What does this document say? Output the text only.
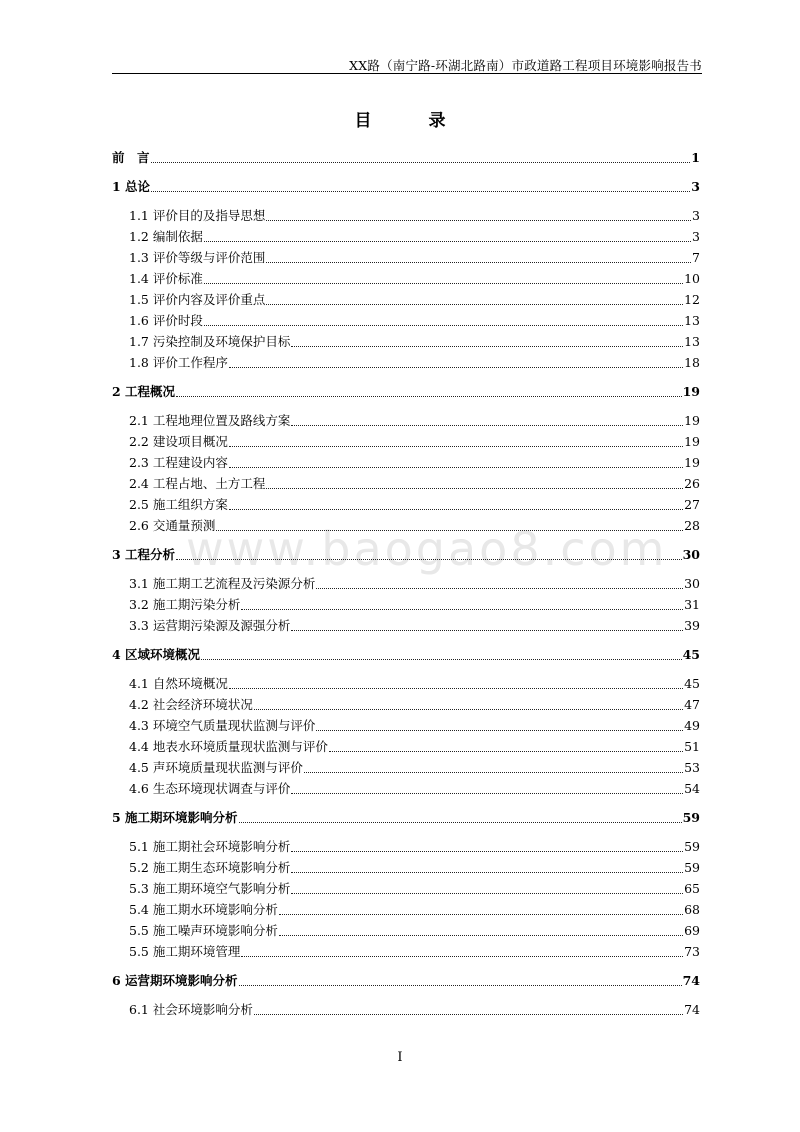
XX路（南宁路-环湖北路南）市政道路工程项目环境影响报告书
目　录
www.baogao8.com
前　言	1
1 总论	3
1.1 评价目的及指导思想	3
1.2 编制依据	3
1.3 评价等级与评价范围	7
1.4 评价标准	10
1.5 评价内容及评价重点	12
1.6 评价时段	13
1.7 污染控制及环境保护目标	13
1.8 评价工作程序	18
2 工程概况	19
2.1 工程地理位置及路线方案	19
2.2 建设项目概况	19
2.3 工程建设内容	19
2.4 工程占地、土方工程	26
2.5 施工组织方案	27
2.6 交通量预测	28
3 工程分析	30
3.1 施工期工艺流程及污染源分析	30
3.2 施工期污染分析	31
3.3 运营期污染源及源强分析	39
4 区域环境概况	45
4.1 自然环境概况	45
4.2 社会经济环境状况	47
4.3 环境空气质量现状监测与评价	49
4.4 地表水环境质量现状监测与评价	51
4.5 声环境质量现状监测与评价	53
4.6 生态环境现状调查与评价	54
5 施工期环境影响分析	59
5.1 施工期社会环境影响分析	59
5.2 施工期生态环境影响分析	59
5.3 施工期环境空气影响分析	65
5.4 施工期水环境影响分析	68
5.5 施工噪声环境影响分析	69
5.5 施工期环境管理	73
6 运营期环境影响分析	74
6.1 社会环境影响分析	74
I
